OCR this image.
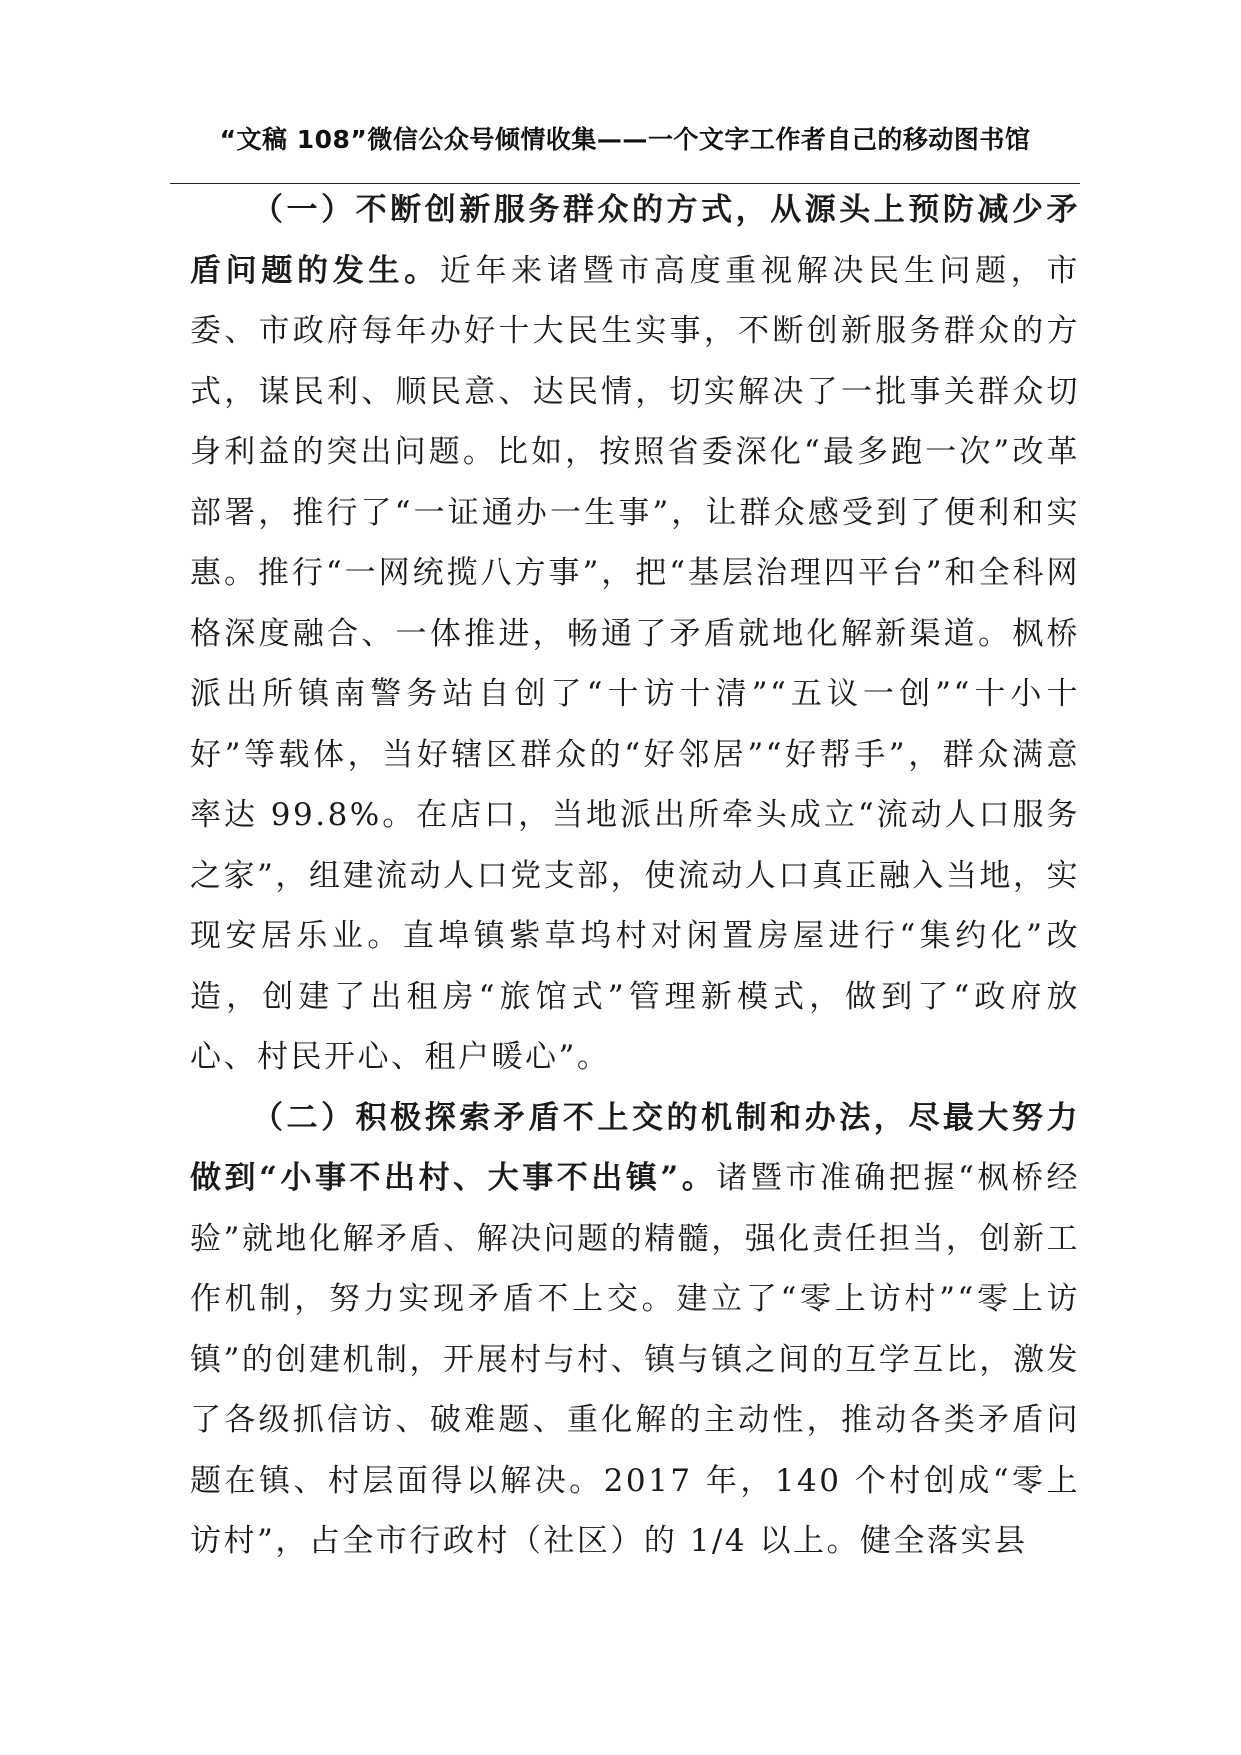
“文稿 108”微信公众号倾情收集——一个文字工作者自己的移动图书馆

（一）不断创新服务群众的方式，从源头上预防减少矛盾问题的发生。近年来诸暨市高度重视解决民生问题，市委、市政府每年办好十大民生实事，不断创新服务群众的方式，谋民利、顺民意、达民情，切实解决了一批事关群众切身利益的突出问题。比如，按照省委深化“最多跑一次”改革部署，推行了“一证通办一生事”，让群众感受到了便利和实惠。推行“一网统揽八方事”，把“基层治理四平台”和全科网格深度融合、一体推进，畅通了矛盾就地化解新渠道。枫桥派出所镇南警务站自创了“十访十清”“五议一创”“十小十好”等载体，当好辖区群众的“好邻居”“好帮手”，群众满意率达 99.8%。在店口，当地派出所牵头成立“流动人口服务之家”，组建流动人口党支部，使流动人口真正融入当地，实现安居乐业。直埠镇紫草坞村对闲置房屋进行“集约化”改造，创建了出租房“旅馆式”管理新模式，做到了“政府放心、村民开心、租户暖心”。

（二）积极探索矛盾不上交的机制和办法，尽最大努力做到“小事不出村、大事不出镇”。诸暨市准确把握“枫桥经验”就地化解矛盾、解决问题的精髓，强化责任担当，创新工作机制，努力实现矛盾不上交。建立了“零上访村”“零上访镇”的创建机制，开展村与村、镇与镇之间的互学互比，激发了各级抓信访、破难题、重化解的主动性，推动各类矛盾问题在镇、村层面得以解决。2017 年，140 个村创成“零上访村”，占全市行政村（社区）的 1/4 以上。健全落实县
